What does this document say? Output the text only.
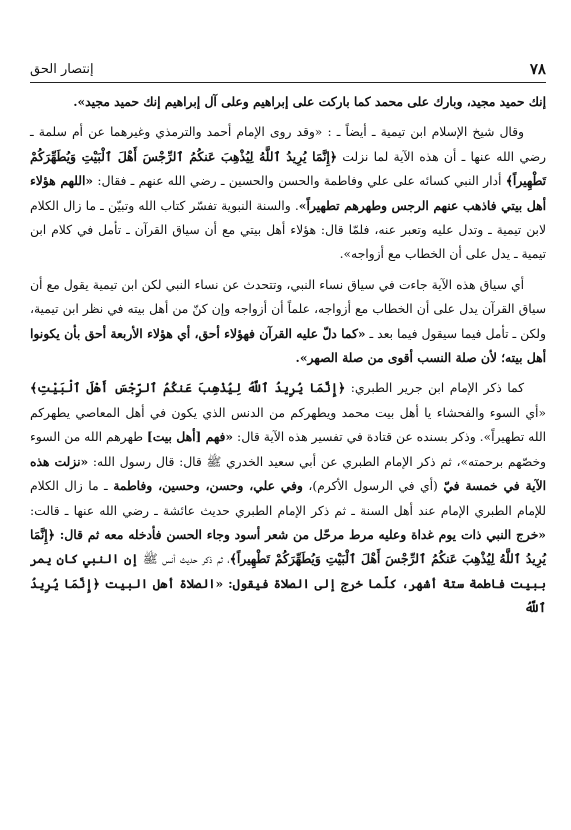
٧٨
إنتصار الحق

إنك حميد مجيد، وبارك على محمد كما باركت على إبراهيم وعلى آل إبراهيم إنك حميد مجيد».

وقال شيخ الإسلام ابن تيمية ـ أيضاً ـ : «وقد روى الإمام أحمد والترمذي وغيرهما عن أم سلمة ـ رضي الله عنها ـ أن هذه الآية لما نزلت ﴿إِنَّمَا يُرِيدُ ٱللَّهُ لِيُذْهِبَ عَنكُمُ ٱلرِّجْسَ أَهْلَ ٱلْبَيْتِ وَيُطَهِّرَكُمْ تَطْهِيراً﴾ أدار النبي كسائه على علي وفاطمة والحسن والحسين ـ رضي الله عنهم ـ فقال: «اللهم هؤلاء أهل بيتي فاذهب عنهم الرجس وطهرهم تطهيراً». والسنة النبوية تفسّر كتاب الله وتبيّن ـ ما زال الكلام لابن تيمية ـ وتدل عليه وتعبر عنه، فلمّا قال: هؤلاء أهل بيتي مع أن سياق القرآن ـ تأمل في كلام ابن تيمية ـ يدل على أن الخطاب مع أزواجه».

أي سياق هذه الآية جاءت في سياق نساء النبي، وتتحدث عن نساء النبي لكن ابن تيمية يقول مع أن سياق القرآن يدل على أن الخطاب مع أزواجه، علماً أن أزواجه وإن كنّ من أهل بيته في نظر ابن تيمية، ولكن ـ تأمل فيما سيقول فيما بعد ـ «كما دلّ عليه القرآن فهؤلاء أحق، أي هؤلاء الأربعة أحق بأن يكونوا أهل بيته؛ لأن صلة النسب أقوى من صلة الصهر».

كما ذكر الإمام ابن جرير الطبري: ﴿إِنَّمَا يُرِيدُ ٱللَّهُ لِيُذْهِبَ عَنكُمُ ٱلرِّجْسَ أَهْلَ ٱلْبَيْتِ﴾ «أي السوء والفحشاء يا أهل بيت محمد ويطهركم من الدنس الذي يكون في أهل المعاصي يطهركم الله تطهيراً». وذكر بسنده عن قتادة في تفسير هذه الآية قال: «فهم [أهل بيت] طهرهم الله من السوء وخصّهم برحمته»، ثم ذكر الإمام الطبري عن أبي سعيد الخدري ﷺ قال: قال رسول الله: «نزلت هذه الآية في خمسة فيّ (أي في الرسول الأكرم)، وفي علي، وحسن، وحسين، وفاطمة ـ ما زال الكلام للإمام الطبري الإمام عند أهل السنة ـ ثم ذكر الإمام الطبري حديث عائشة ـ رضي الله عنها ـ قالت: «خرج النبي ذات يوم غداة وعليه مرط مرحّل من شعر أسود وجاء الحسن فأدخله معه ثم قال: ﴿إِنَّمَا يُرِيدُ ٱللَّهُ لِيُذْهِبَ عَنكُمُ ٱلرِّجْسَ أَهْلَ ٱلْبَيْتِ وَيُطَهِّرَكُمْ تَطْهِيراً﴾، ثم ذكر حديث أنس ﷺ إن النبي كان يمر ببيت فاطمة ستة أشهر، كلّما خرج إلى الصلاة فيقول: «الصلاة أهل البيت ﴿إِنَّمَا يُرِيدُ ٱللَّهُ
